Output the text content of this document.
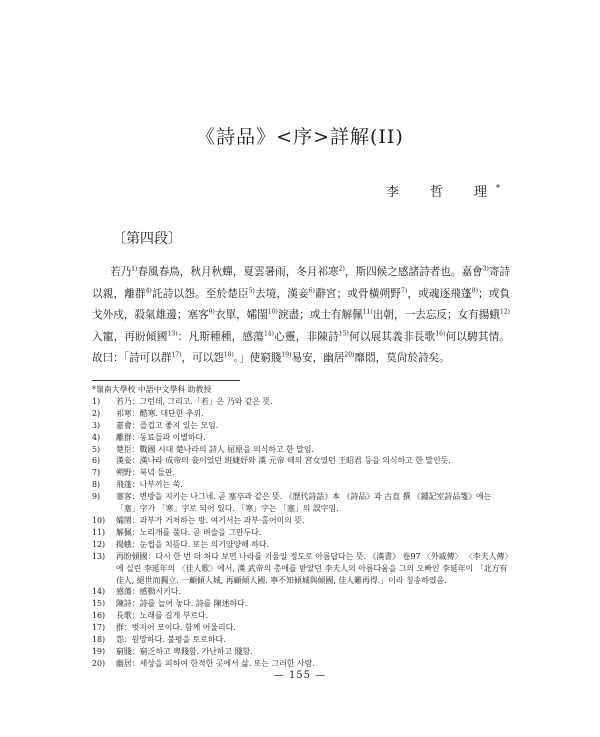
《詩品》<序>詳解(II)
李　哲　理*
〔第四段〕
若乃$^{1)}$春風春鳥，秋月秋蟬，夏雲暑雨，冬月祁寒$^{2)}$，斯四候之感諸詩者也。嘉會$^{3)}$寄詩以親，離群$^{4)}$託詩以怨。至於楚臣$^{5)}$去境，漢妾$^{6)}$辭宮；或骨橫朔野$^{7)}$，或魂逐飛蓬$^{8)}$；或負戈外戍，殺氣雄邊；塞客$^{9)}$衣單，孀閨$^{10)}$淚盡；或士有解佩$^{11)}$出朝，一去忘反；女有揚蛾$^{12)}$入寵，再盼傾國$^{13)}$：凡斯種種，感蕩$^{14)}$心靈，非陳詩$^{15)}$何以展其義非長歌$^{16)}$何以騁其情。故曰：「詩可以群$^{17)}$，可以怨$^{18)}$。」使窮賤$^{19)}$易安，幽居$^{20)}$靡悶，莫尙於詩矣。

*嶺南大學校 中語中文學科 助教授

1)	若乃：그런데, 그리고.「若」은 乃와 같은 뜻.
2)	祁寒：酷寒. 대단한 추위.
3)	嘉會：즐겁고 좋지 있는 모임.
4)	離群：동료들과 이별하다.
5)	楚臣：戰國 시대 楚나라의 詩人 屈原을 의식하고 한 말임.
6)	漢妾：漢나라 成帝의 妾이었던 班婕妤와 漢 元帝 때의 宮女였던 王昭君 등을 의식하고 한 말인듯.
7)	朔野：북녘 들판.
8)	飛蓬：나부끼는 쑥.
9)	塞客：변방을 지키는 나그네. 곧 塞卒과 같은 뜻. 《歷代詩話》本 《詩品》과 古直 撰 《鍾記室詩品箋》에는 「塞」字가 「寒」字로 되어 있다. 「寒」字는 「塞」의 誤字임.
10)	孀閨：과부가 거처하는 방. 여기서는 과부·홀어미의 뜻.
11)	解佩：노리개를 풀다. 곧 벼슬을 그만두다.
12)	揚蛾：눈썹을 치뜸다. 또는 의기양양해 하다.
13)	再盼傾國：다시 한 번 더 쳐다 보면 나라를 기울일 정도로 아름답다는 뜻. 《漢書》 卷97 〈外戚傳〉 〈李夫人傳〉에 실린 李延年의 〈佳人歌〉에서, 漢 武帝의 총애를 받았던 李夫人의 아름다움을 그의 오빠인 李延年이 「北方有佳人, 絕世而獨立. 一顧傾人城, 再顧傾人國. 寧不知傾城與傾國, 佳人難再得.」이라 칭송하였음.
14)	感蕩：感動시키다.
15)	陳詩：詩를 늘어 놓다. 詩를 陳述하다.
16)	長歌：노래를 길게 부르다.
17)	群：벗지어 모이다. 함께 어울리다.
18)	怨：원망하다. 불평을 토로하다.
19)	窮賤：窮乏하고 卑賤함. 가난하고 賤함.
20)	幽居：세상을 피하여 한적한 곳에서 삶. 또는 그러한 사람.
— 155 —
